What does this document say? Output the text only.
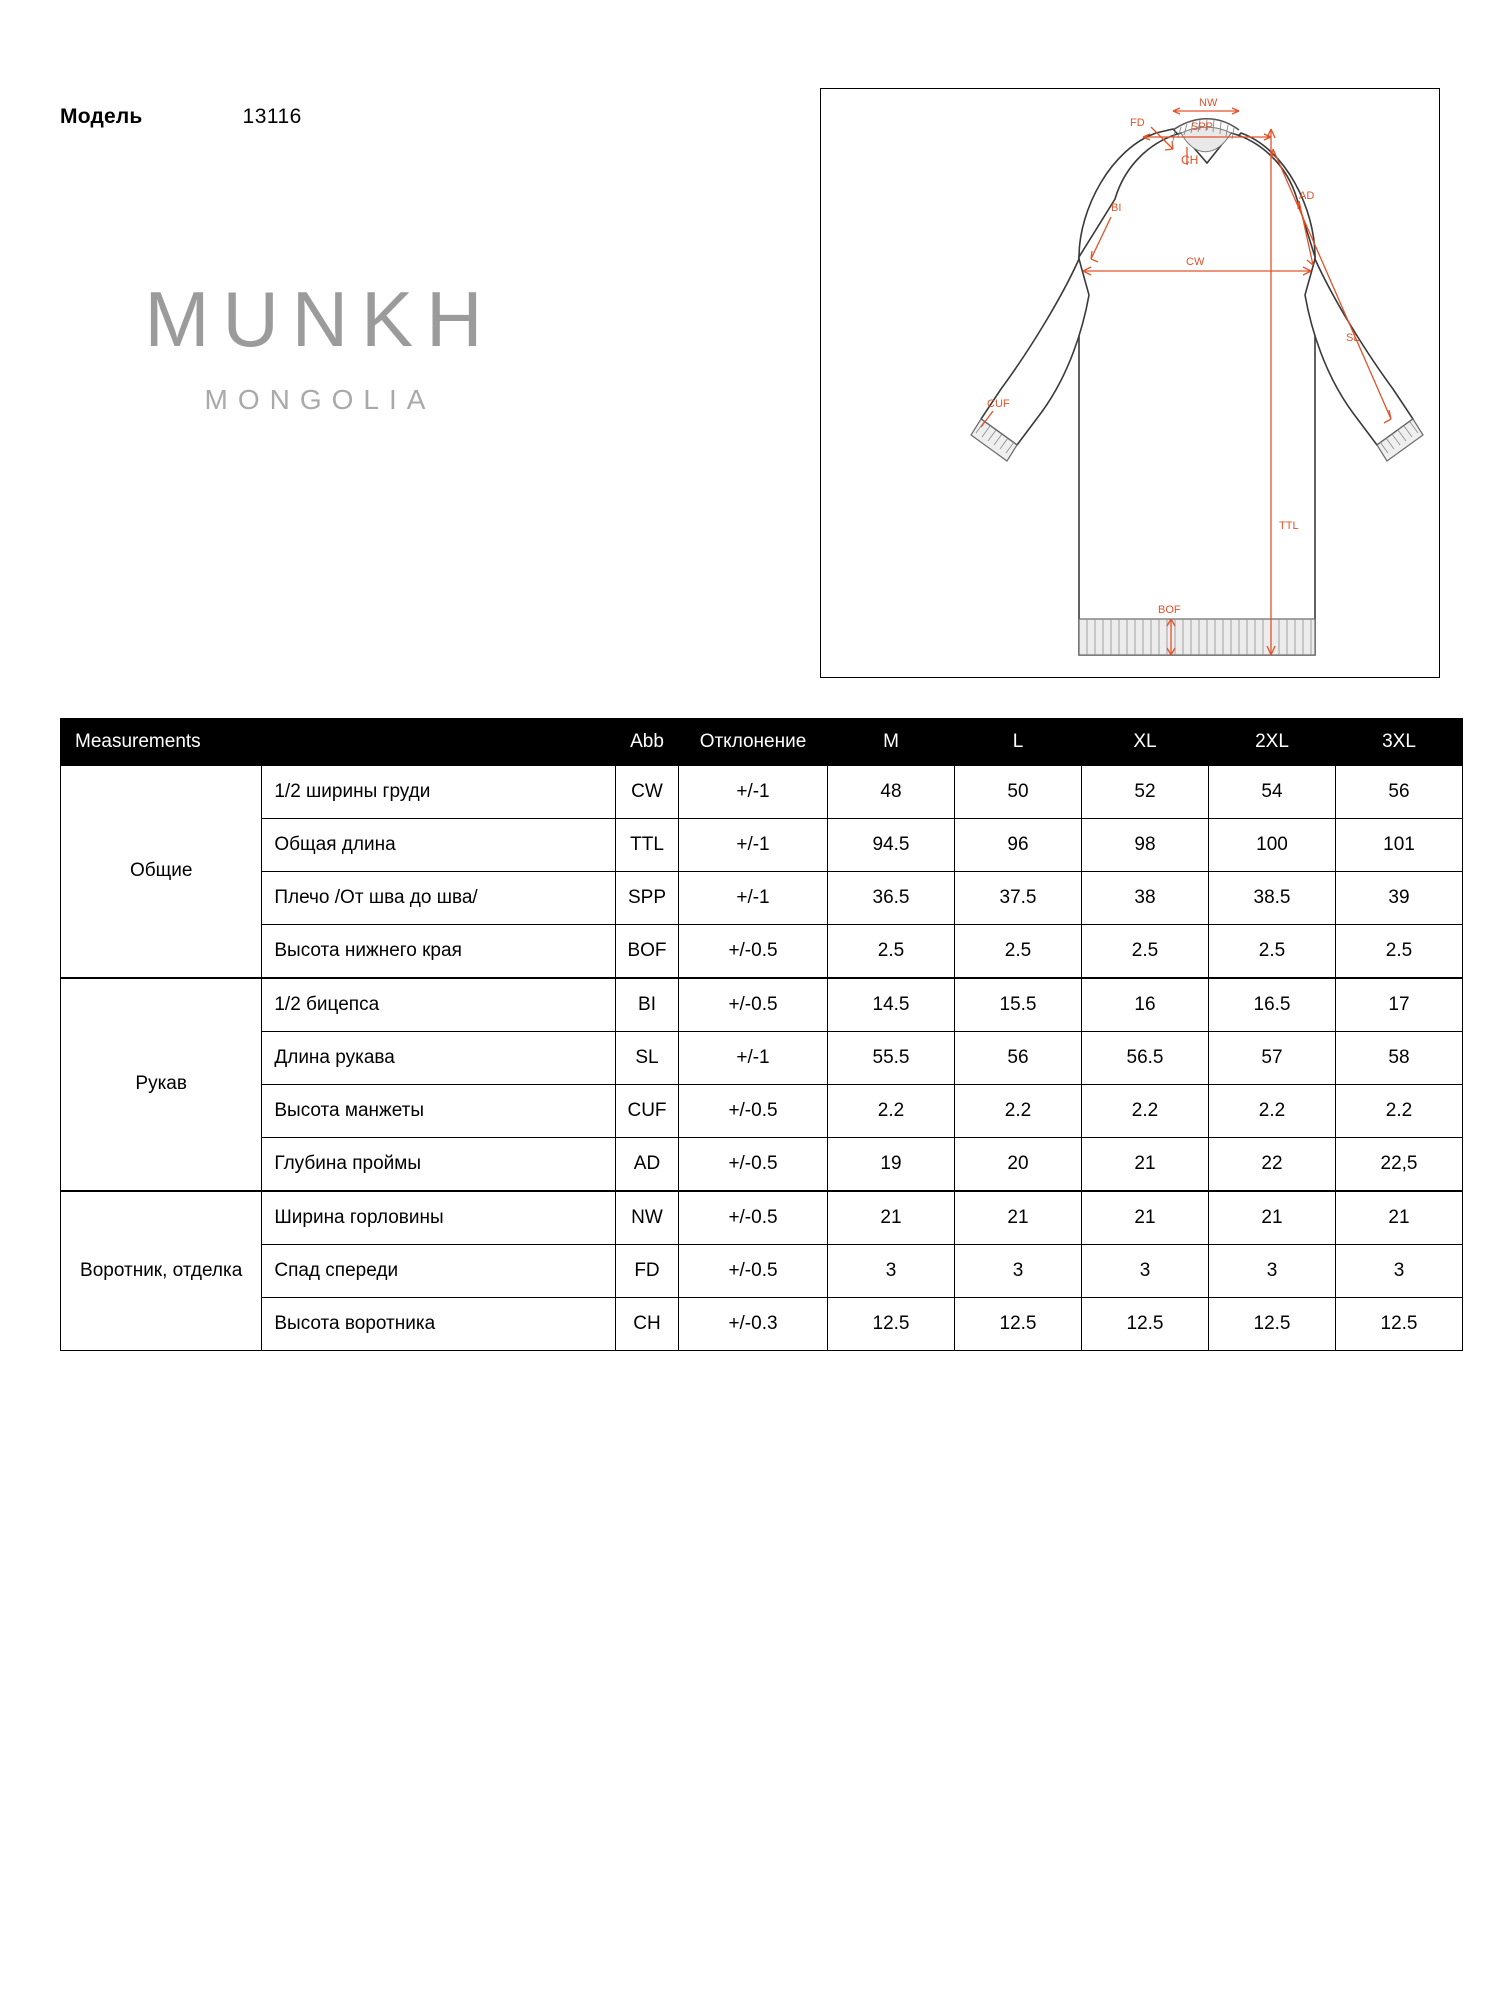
Модель	13116
MUNKH
MONGOLIA
NW
SPP
FD
CH
BI
AD
CW
SL
CUF
TTL
BOF
Measurements		Abb	Отклонение	M	L	XL	2XL	3XL
Общие	1/2 ширины груди	CW	+/-1	48	50	52	54	56
	Общая длина	TTL	+/-1	94.5	96	98	100	101
	Плечо /От шва до шва/	SPP	+/-1	36.5	37.5	38	38.5	39
	Высота нижнего края	BOF	+/-0.5	2.5	2.5	2.5	2.5	2.5
Рукав	1/2 бицепса	BI	+/-0.5	14.5	15.5	16	16.5	17
	Длина рукава	SL	+/-1	55.5	56	56.5	57	58
	Высота манжеты	CUF	+/-0.5	2.2	2.2	2.2	2.2	2.2
	Глубина проймы	AD	+/-0.5	19	20	21	22	22,5
Воротник, отделка	Ширина горловины	NW	+/-0.5	21	21	21	21	21
	Спад спереди	FD	+/-0.5	3	3	3	3	3
	Высота воротника	CH	+/-0.3	12.5	12.5	12.5	12.5	12.5
